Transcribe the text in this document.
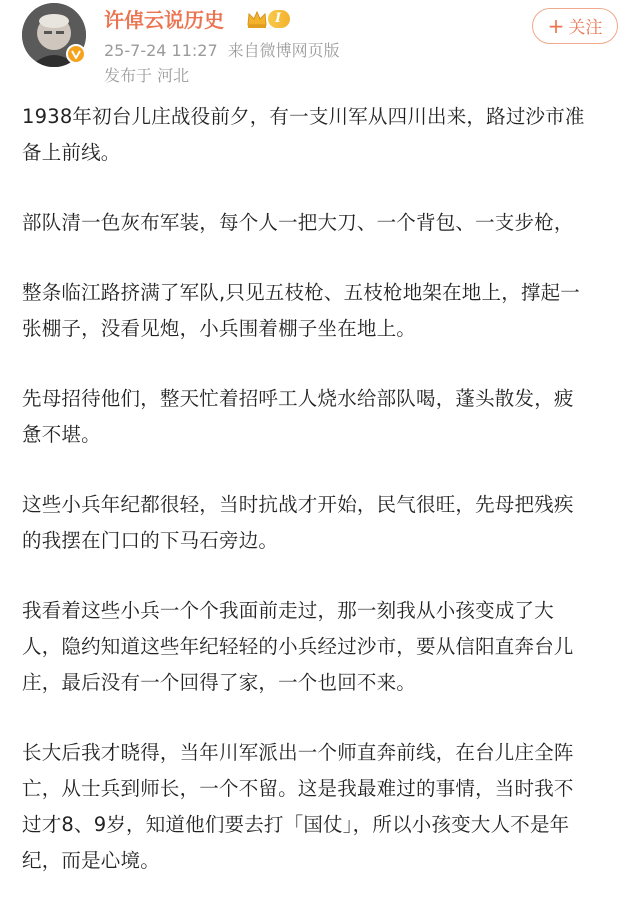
许倬云说历史	I
25-7-24 11:27 来自微博网页版
发布于 河北
+ 关注

1938年初台儿庄战役前夕，有一支川军从四川出来，路过沙市准
备上前线。

部队清一色灰布军装，每个人一把大刀、一个背包、一支步枪，

整条临江路挤满了军队,只见五枝枪、五枝枪地架在地上，撑起一
张棚子，没看见炮，小兵围着棚子坐在地上。

先母招待他们，整天忙着招呼工人烧水给部队喝，蓬头散发，疲
惫不堪。

这些小兵年纪都很轻，当时抗战才开始，民气很旺，先母把残疾
的我摆在门口的下马石旁边。

我看着这些小兵一个个我面前走过，那一刻我从小孩变成了大
人，隐约知道这些年纪轻轻的小兵经过沙市，要从信阳直奔台儿
庄，最后没有一个回得了家，一个也回不来。

长大后我才晓得，当年川军派出一个师直奔前线，在台儿庄全阵
亡，从士兵到师长，一个不留。这是我最难过的事情，当时我不
过才8、9岁，知道他们要去打「国仗」，所以小孩变大人不是年
纪，而是心境。
